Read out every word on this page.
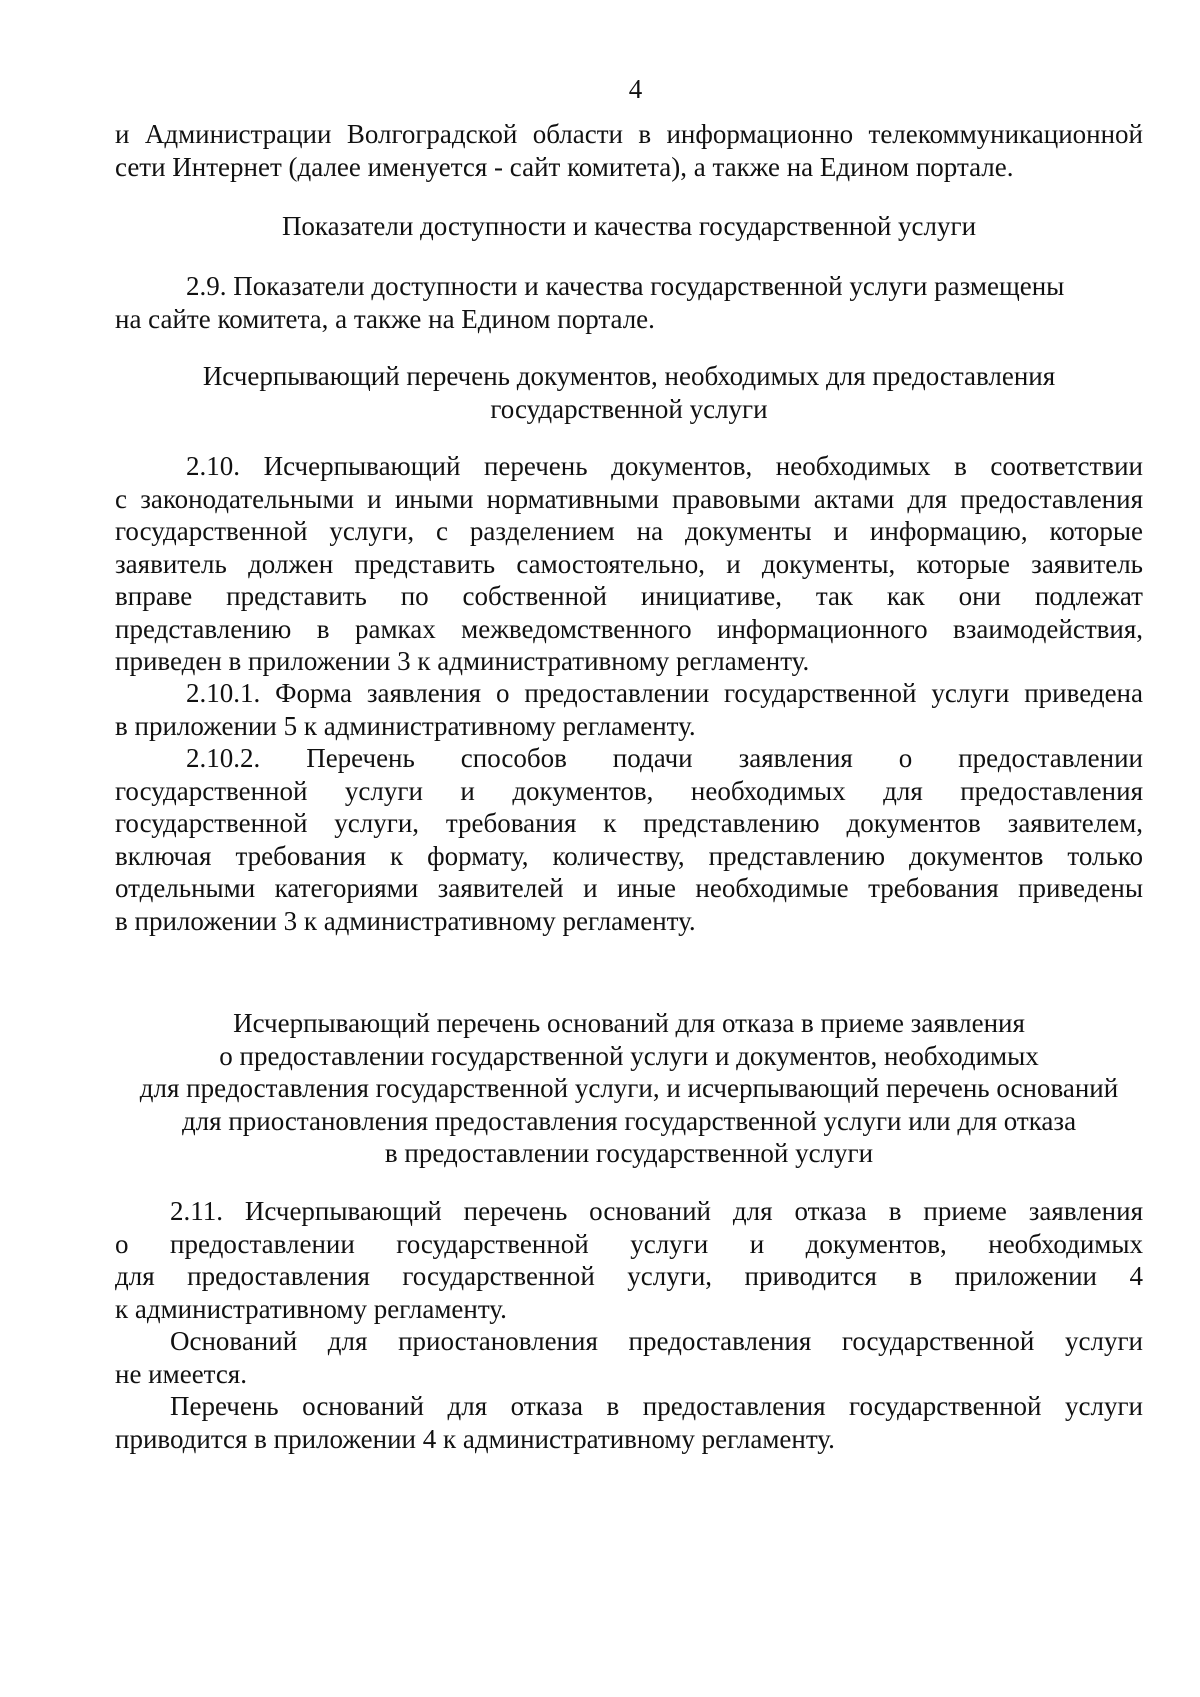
4
и Администрации Волгоградской области в информационно телекоммуникационной
сети Интернет (далее именуется - сайт комитета), а также на Едином портале.
Показатели доступности и качества государственной услуги
2.9. Показатели доступности и качества государственной услуги размещены
на сайте комитета, а также на Едином портале.
Исчерпывающий перечень документов, необходимых для предоставления
государственной услуги
2.10. Исчерпывающий перечень документов, необходимых в соответствии
с законодательными и иными нормативными правовыми актами для предоставления
государственной услуги, с разделением на документы и информацию, которые
заявитель должен представить самостоятельно, и документы, которые заявитель
вправе представить по собственной инициативе, так как они подлежат
представлению в рамках межведомственного информационного взаимодействия,
приведен в приложении 3 к административному регламенту.
2.10.1. Форма заявления о предоставлении государственной услуги приведена
в приложении 5 к административному регламенту.
2.10.2. Перечень способов подачи заявления о предоставлении
государственной услуги и документов, необходимых для предоставления
государственной услуги, требования к представлению документов заявителем,
включая требования к формату, количеству, представлению документов только
отдельными категориями заявителей и иные необходимые требования приведены
в приложении 3 к административному регламенту.
Исчерпывающий перечень оснований для отказа в приеме заявления
о предоставлении государственной услуги и документов, необходимых
для предоставления государственной услуги, и исчерпывающий перечень оснований
для приостановления предоставления государственной услуги или для отказа
в предоставлении государственной услуги
2.11. Исчерпывающий перечень оснований для отказа в приеме заявления
о предоставлении государственной услуги и документов, необходимых
для предоставления государственной услуги, приводится в приложении 4
к административному регламенту.
Оснований для приостановления предоставления государственной услуги
не имеется.
Перечень оснований для отказа в предоставления государственной услуги
приводится в приложении 4 к административному регламенту.
